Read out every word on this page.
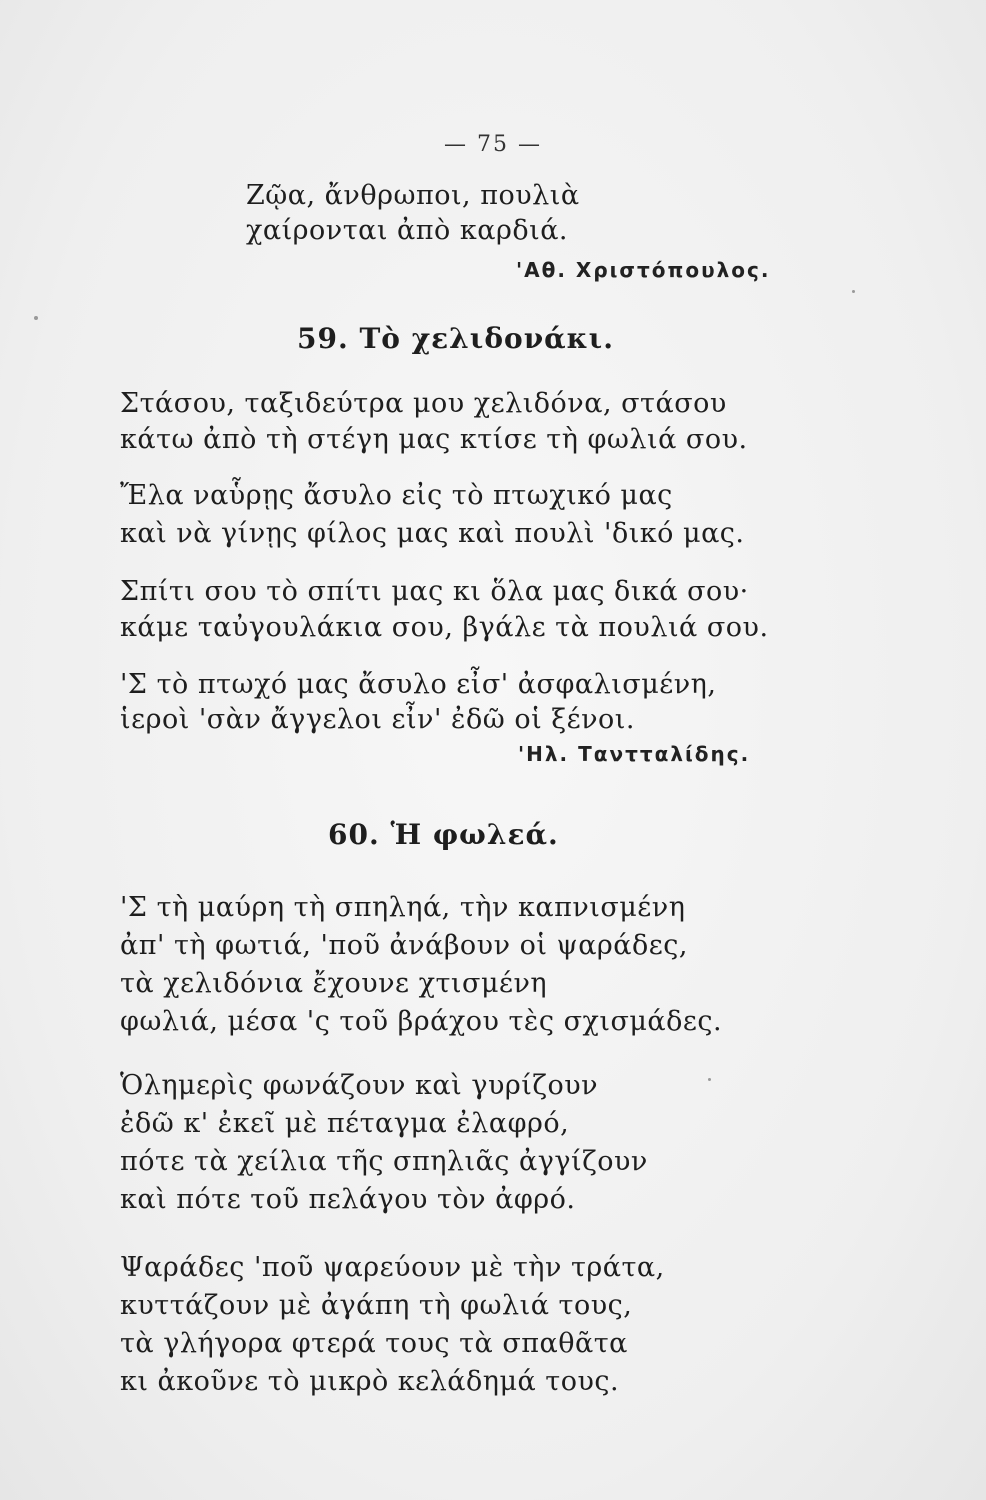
— 75 —
Ζῷα, ἄνθρωποι, πουλιὰ
χαίρονται ἀπὸ καρδιά.
'Αθ. Χριστόπουλος.
59. Τὸ χελιδονάκι.
Στάσου, ταξιδεύτρα μου χελιδόνα, στάσου
κάτω ἀπὸ τὴ στέγη μας κτίσε τὴ φωλιά σου.
Ἔλα ναὗρῃς ἄσυλο εἰς τὸ πτωχικό μας
καὶ νὰ γίνῃς φίλος μας καὶ πουλὶ 'δικό μας.
Σπίτι σου τὸ σπίτι μας κι ὅλα μας δικά σου·
κάμε ταὐγουλάκια σου, βγάλε τὰ πουλιά σου.
'Σ τὸ πτωχό μας ἄσυλο εἶσ' ἀσφαλισμένη,
ἱεροὶ 'σὰν ἄγγελοι εἶν' ἐδῶ οἱ ξένοι.
'Ηλ. Ταντταλίδης.
60. Ἡ φωλεά.
'Σ τὴ μαύρη τὴ σπηληά, τὴν καπνισμένη
ἀπ' τὴ φωτιά, 'ποῦ ἀνάβουν οἱ ψαράδες,
τὰ χελιδόνια ἔχουνε χτισμένη
φωλιά, μέσα 'ς τοῦ βράχου τὲς σχισμάδες.
Ὁλημερὶς φωνάζουν καὶ γυρίζουν
ἐδῶ κ' ἐκεῖ μὲ πέταγμα ἐλαφρό,
πότε τὰ χείλια τῆς σπηλιᾶς ἀγγίζουν
καὶ πότε τοῦ πελάγου τὸν ἀφρό.
Ψαράδες 'ποῦ ψαρεύουν μὲ τὴν τράτα,
κυττάζουν μὲ ἀγάπη τὴ φωλιά τους,
τὰ γλήγορα φτερά τους τὰ σπαθᾶτα
κι ἀκοῦνε τὸ μικρὸ κελάδημά τους.
